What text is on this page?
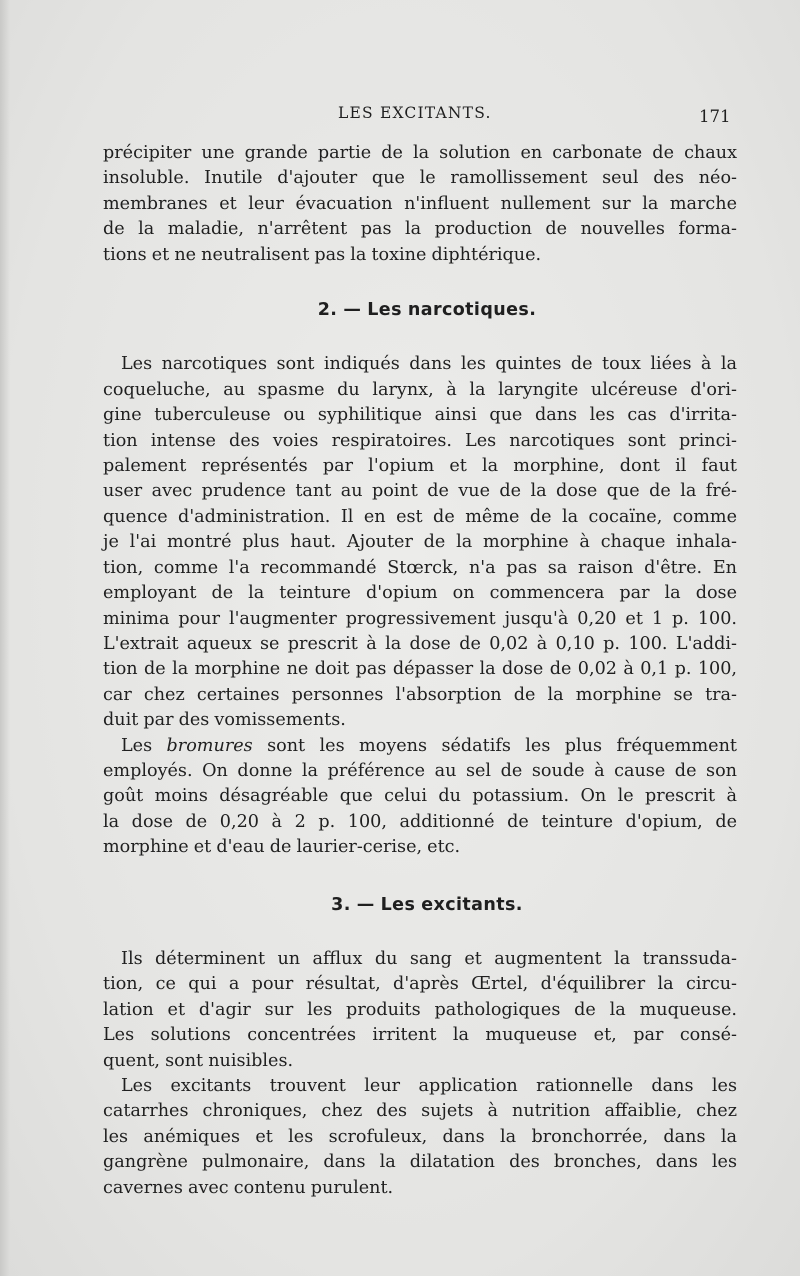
LES EXCITANTS.	171
précipiter une grande partie de la solution en carbonate de chaux
insoluble. Inutile d'ajouter que le ramollissement seul des néo-
membranes et leur évacuation n'influent nullement sur la marche
de la maladie, n'arrêtent pas la production de nouvelles forma-
tions et ne neutralisent pas la toxine diphtérique.
2. — Les narcotiques.
Les narcotiques sont indiqués dans les quintes de toux liées à la
coqueluche, au spasme du larynx, à la laryngite ulcéreuse d'ori-
gine tuberculeuse ou syphilitique ainsi que dans les cas d'irrita-
tion intense des voies respiratoires. Les narcotiques sont princi-
palement représentés par l'opium et la morphine, dont il faut
user avec prudence tant au point de vue de la dose que de la fré-
quence d'administration. Il en est de même de la cocaïne, comme
je l'ai montré plus haut. Ajouter de la morphine à chaque inhala-
tion, comme l'a recommandé Stœrck, n'a pas sa raison d'être. En
employant de la teinture d'opium on commencera par la dose
minima pour l'augmenter progressivement jusqu'à 0,20 et 1 p. 100.
L'extrait aqueux se prescrit à la dose de 0,02 à 0,10 p. 100. L'addi-
tion de la morphine ne doit pas dépasser la dose de 0,02 à 0,1 p. 100,
car chez certaines personnes l'absorption de la morphine se tra-
duit par des vomissements.
Les bromures sont les moyens sédatifs les plus fréquemment
employés. On donne la préférence au sel de soude à cause de son
goût moins désagréable que celui du potassium. On le prescrit à
la dose de 0,20 à 2 p. 100, additionné de teinture d'opium, de
morphine et d'eau de laurier-cerise, etc.
3. — Les excitants.
Ils déterminent un afflux du sang et augmentent la transsuda-
tion, ce qui a pour résultat, d'après Œrtel, d'équilibrer la circu-
lation et d'agir sur les produits pathologiques de la muqueuse.
Les solutions concentrées irritent la muqueuse et, par consé-
quent, sont nuisibles.
Les excitants trouvent leur application rationnelle dans les
catarrhes chroniques, chez des sujets à nutrition affaiblie, chez
les anémiques et les scrofuleux, dans la bronchorrée, dans la
gangrène pulmonaire, dans la dilatation des bronches, dans les
cavernes avec contenu purulent.
